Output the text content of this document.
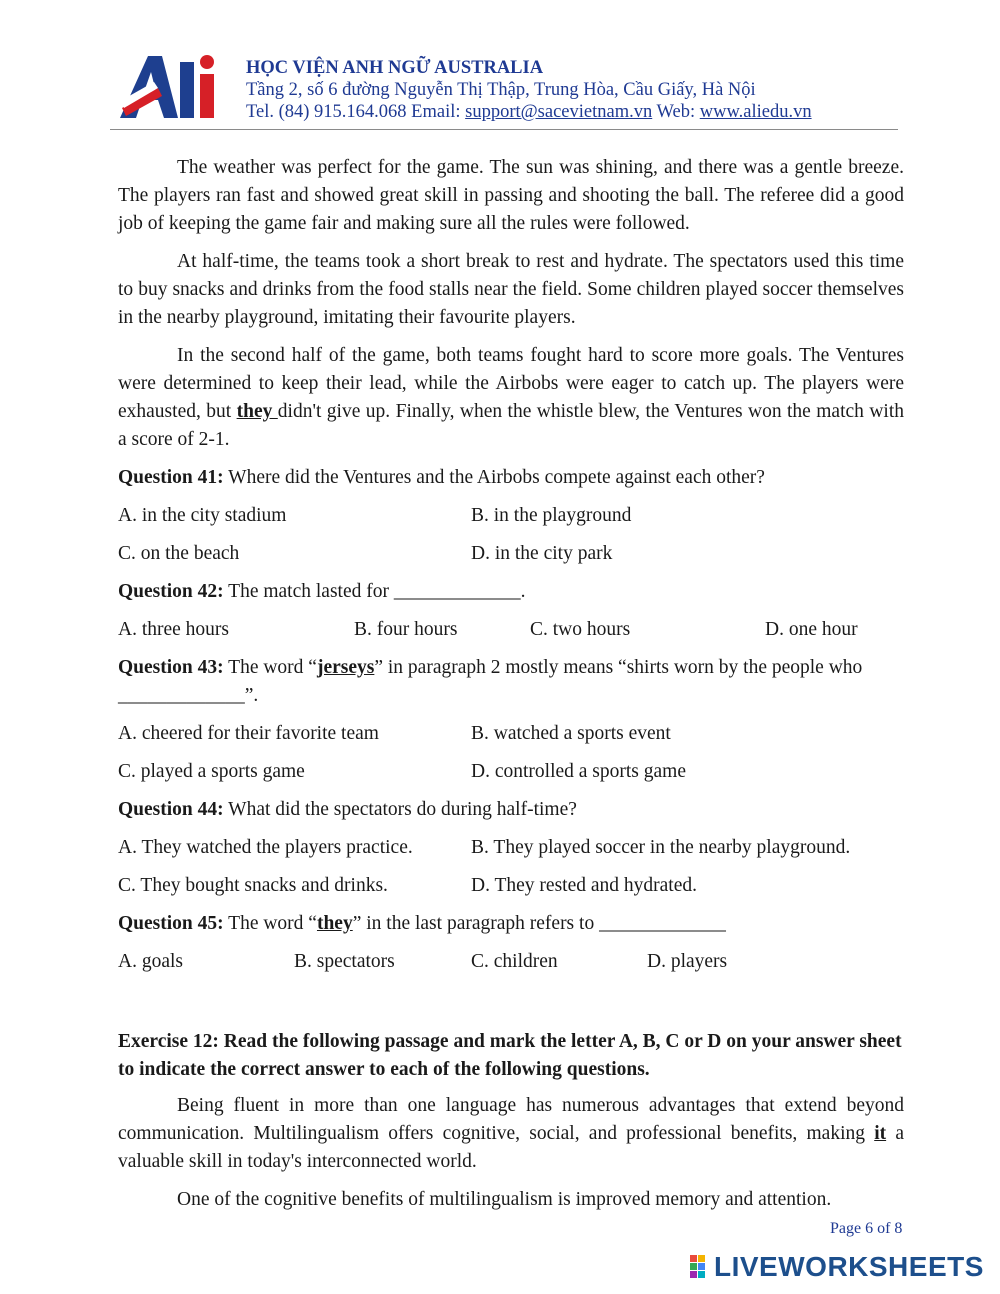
HỌC VIỆN ANH NGỮ AUSTRALIA
Tầng 2, số 6 đường Nguyễn Thị Thập, Trung Hòa, Cầu Giấy, Hà Nội
Tel. (84) 915.164.068 Email: support@sacevietnam.vn Web: www.aliedu.vn

The weather was perfect for the game. The sun was shining, and there was a gentle breeze. The players ran fast and showed great skill in passing and shooting the ball. The referee did a good job of keeping the game fair and making sure all the rules were followed.

At half-time, the teams took a short break to rest and hydrate. The spectators used this time to buy snacks and drinks from the food stalls near the field. Some children played soccer themselves in the nearby playground, imitating their favourite players.

In the second half of the game, both teams fought hard to score more goals. The Ventures were determined to keep their lead, while the Airbobs were eager to catch up. The players were exhausted, but they didn't give up. Finally, when the whistle blew, the Ventures won the match with a score of 2-1.

Question 41: Where did the Ventures and the Airbobs compete against each other?
A. in the city stadium	B. in the playground
C. on the beach	D. in the city park
Question 42: The match lasted for _____________.
A. three hours	B. four hours	C. two hours	D. one hour
Question 43: The word “jerseys” in paragraph 2 mostly means “shirts worn by the people who _____________”.
A. cheered for their favorite team	B. watched a sports event
C. played a sports game	D. controlled a sports game
Question 44: What did the spectators do during half-time?
A. They watched the players practice.	B. They played soccer in the nearby playground.
C. They bought snacks and drinks.	D. They rested and hydrated.
Question 45: The word “they” in the last paragraph refers to _____________
A. goals	B. spectators	C. children	D. players
Exercise 12: Read the following passage and mark the letter A, B, C or D on your answer sheet to indicate the correct answer to each of the following questions.

Being fluent in more than one language has numerous advantages that extend beyond communication. Multilingualism offers cognitive, social, and professional benefits, making it a valuable skill in today's interconnected world.

One of the cognitive benefits of multilingualism is improved memory and attention.

Page 6 of 8
LIVEWORKSHEETS
